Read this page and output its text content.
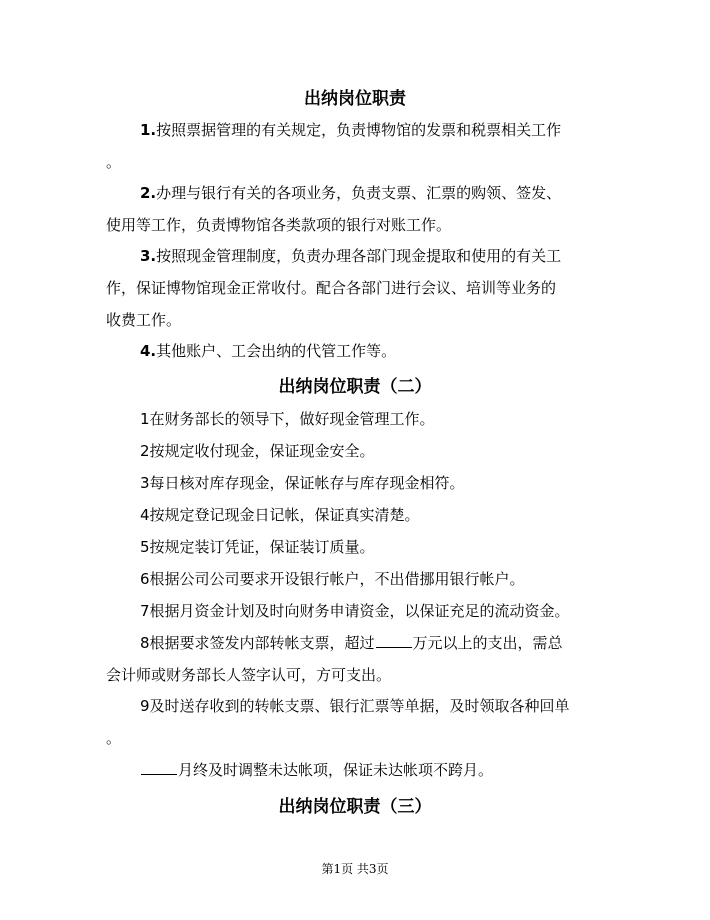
出纳岗位职责
1.按照票据管理的有关规定，负责博物馆的发票和税票相关工作
。
2.办理与银行有关的各项业务，负责支票、汇票的购领、签发、
使用等工作，负责博物馆各类款项的银行对账工作。
3.按照现金管理制度，负责办理各部门现金提取和使用的有关工
作，保证博物馆现金正常收付。配合各部门进行会议、培训等业务的
收费工作。
4.其他账户、工会出纳的代管工作等。
出纳岗位职责（二）
1在财务部长的领导下，做好现金管理工作。
2按规定收付现金，保证现金安全。
3每日核对库存现金，保证帐存与库存现金相符。
4按规定登记现金日记帐，保证真实清楚。
5按规定装订凭证，保证装订质量。
6根据公司公司要求开设银行帐户，不出借挪用银行帐户。
7根据月资金计划及时向财务申请资金，以保证充足的流动资金。
8根据要求签发内部转帐支票，超过	万元以上的支出，需总
会计师或财务部长人签字认可，方可支出。
9及时送存收到的转帐支票、银行汇票等单据，及时领取各种回单
。
月终及时调整未达帐项，保证未达帐项不跨月。
出纳岗位职责（三）
第1页 共3页
